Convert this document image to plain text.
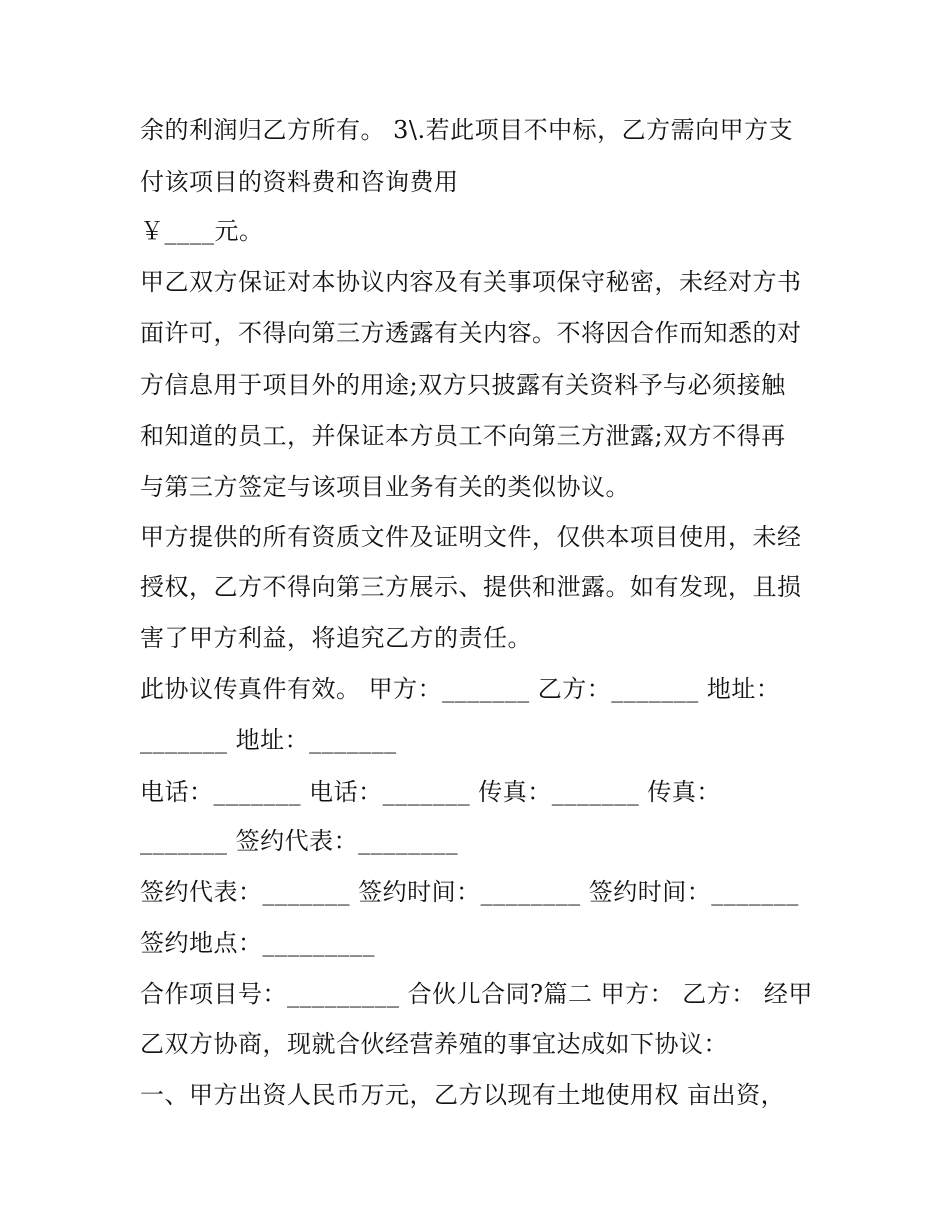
余的利润归乙方所有。 3\.若此项目不中标，乙方需向甲方支
付该项目的资料费和咨询费用
￥____元。
甲乙双方保证对本协议内容及有关事项保守秘密，未经对方书
面许可，不得向第三方透露有关内容。不将因合作而知悉的对
方信息用于项目外的用途;双方只披露有关资料予与必须接触
和知道的员工，并保证本方员工不向第三方泄露;双方不得再
与第三方签定与该项目业务有关的类似协议。
甲方提供的所有资质文件及证明文件，仅供本项目使用，未经
授权，乙方不得向第三方展示、提供和泄露。如有发现，且损
害了甲方利益，将追究乙方的责任。
此协议传真件有效。 甲方：_______ 乙方：_______ 地址：
_______ 地址：_______
电话：_______ 电话：_______ 传真：_______ 传真：
_______ 签约代表：________
签约代表：_______ 签约时间：________ 签约时间：_______
签约地点：_________
合作项目号：_________ 合伙儿合同?篇二 甲方： 乙方： 经甲
乙双方协商，现就合伙经营养殖的事宜达成如下协议：
一、甲方出资人民币万元，乙方以现有土地使用权 亩出资，
